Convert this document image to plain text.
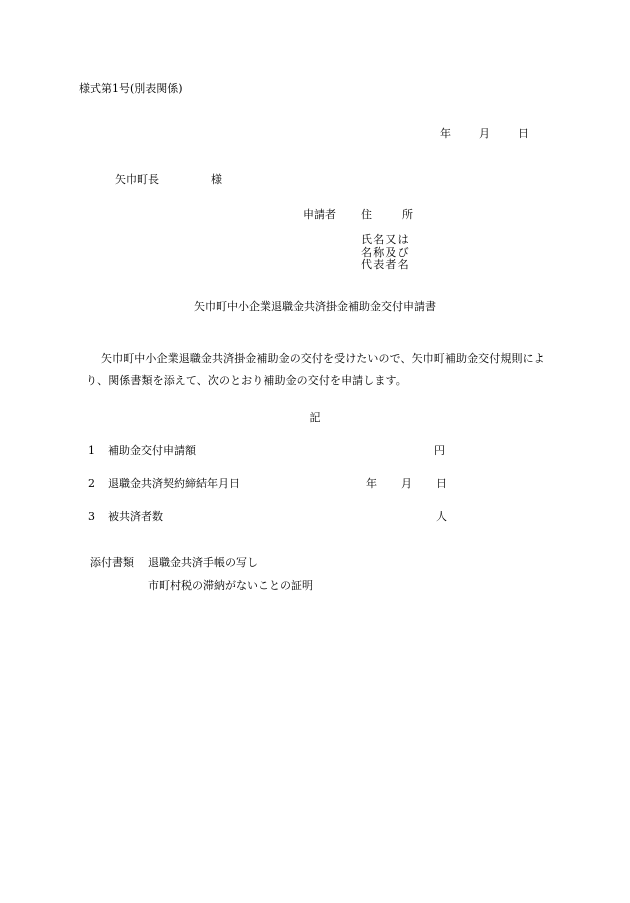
様式第1号(別表関係)
年	月	日
矢巾町長	様
申請者 住	所
氏名又は
名称及び
代表者名
矢巾町中小企業退職金共済掛金補助金交付申請書
矢巾町中小企業退職金共済掛金補助金の交付を受けたいので、矢巾町補助金交付規則により、関係書類を添えて、次のとおり補助金の交付を申請します。
記
1 補助金交付申請額	円
2 退職金共済契約締結年月日	年 月 日
3 被共済者数	人
添付書類 退職金共済手帳の写し
市町村税の滞納がないことの証明
